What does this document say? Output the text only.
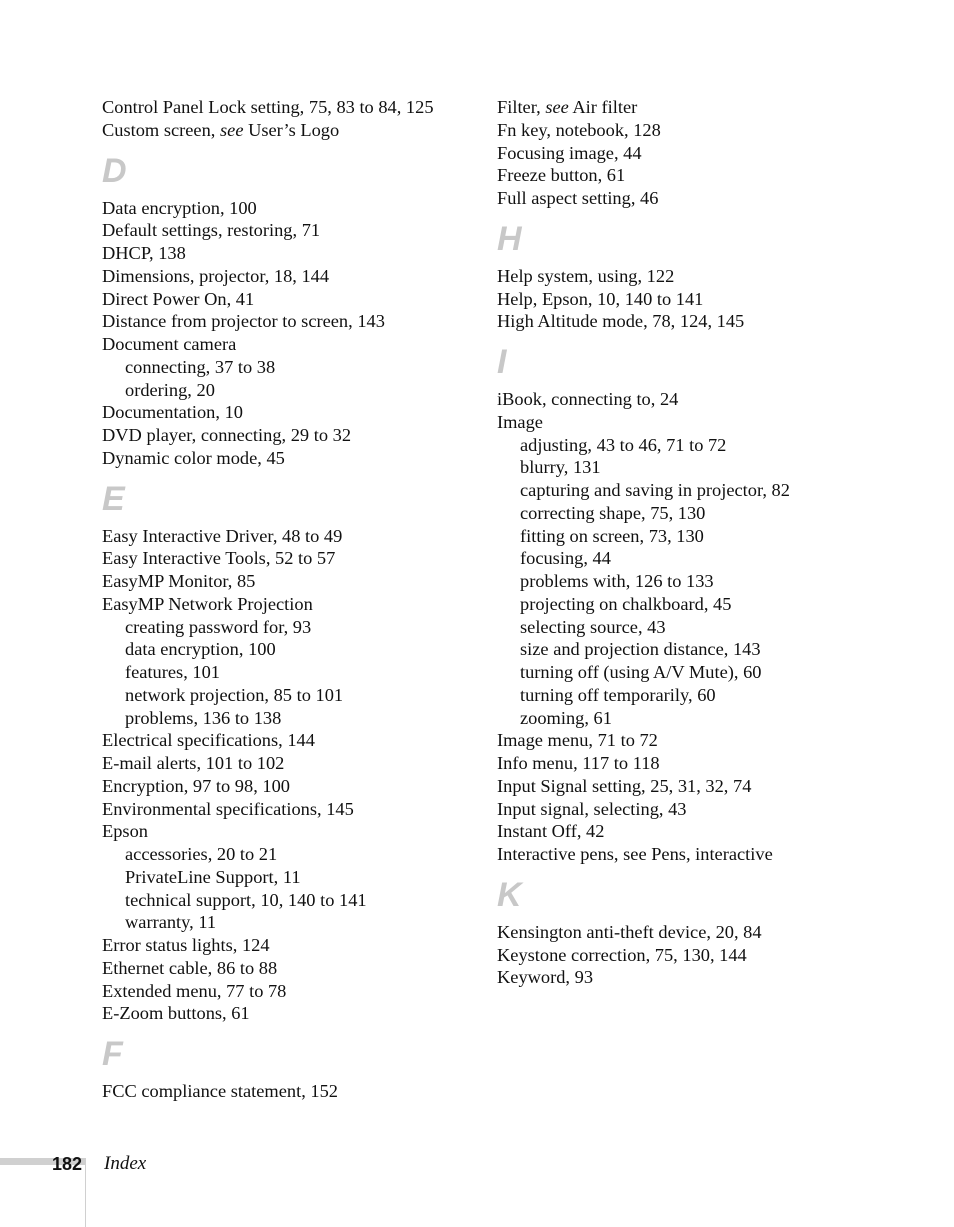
Control Panel Lock setting, 75, 83 to 84, 125
Custom screen, see User’s Logo
D
Data encryption, 100
Default settings, restoring, 71
DHCP, 138
Dimensions, projector, 18, 144
Direct Power On, 41
Distance from projector to screen, 143
Document camera
connecting, 37 to 38
ordering, 20
Documentation, 10
DVD player, connecting, 29 to 32
Dynamic color mode, 45
E
Easy Interactive Driver, 48 to 49
Easy Interactive Tools, 52 to 57
EasyMP Monitor, 85
EasyMP Network Projection
creating password for, 93
data encryption, 100
features, 101
network projection, 85 to 101
problems, 136 to 138
Electrical specifications, 144
E-mail alerts, 101 to 102
Encryption, 97 to 98, 100
Environmental specifications, 145
Epson
accessories, 20 to 21
PrivateLine Support, 11
technical support, 10, 140 to 141
warranty, 11
Error status lights, 124
Ethernet cable, 86 to 88
Extended menu, 77 to 78
E-Zoom buttons, 61
F
FCC compliance statement, 152
Filter, see Air filter
Fn key, notebook, 128
Focusing image, 44
Freeze button, 61
Full aspect setting, 46
H
Help system, using, 122
Help, Epson, 10, 140 to 141
High Altitude mode, 78, 124, 145
I
iBook, connecting to, 24
Image
adjusting, 43 to 46, 71 to 72
blurry, 131
capturing and saving in projector, 82
correcting shape, 75, 130
fitting on screen, 73, 130
focusing, 44
problems with, 126 to 133
projecting on chalkboard, 45
selecting source, 43
size and projection distance, 143
turning off (using A/V Mute), 60
turning off temporarily, 60
zooming, 61
Image menu, 71 to 72
Info menu, 117 to 118
Input Signal setting, 25, 31, 32, 74
Input signal, selecting, 43
Instant Off, 42
Interactive pens, see Pens, interactive
K
Kensington anti-theft device, 20, 84
Keystone correction, 75, 130, 144
Keyword, 93
182 Index
